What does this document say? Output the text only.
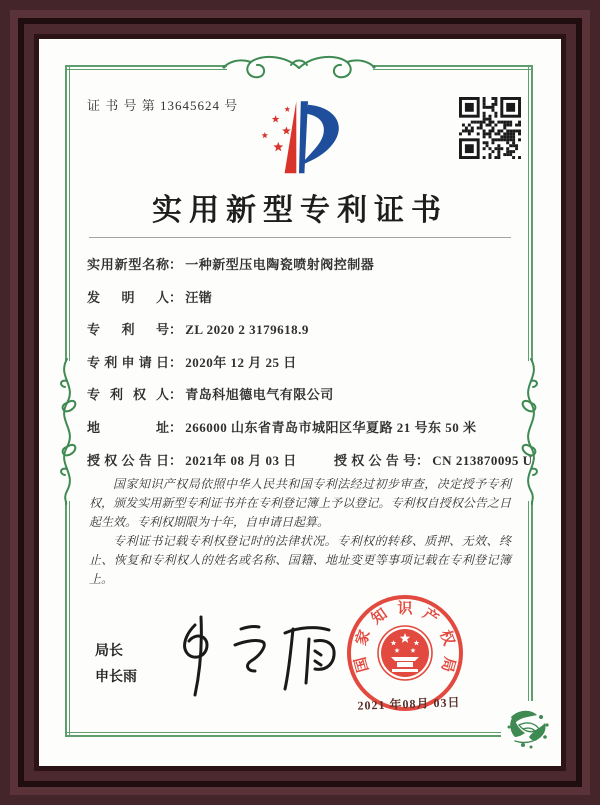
证 书 号 第 13645624 号
实用新型专利证书
实用新型名称： 一种新型压电陶瓷喷射阀控制器
发明人： 汪锴
专利号： ZL 2020 2 3179618.9
专利申请日： 2020年 12 月 25 日
专利权人： 青岛科旭德电气有限公司
地址： 266000 山东省青岛市城阳区华夏路 21 号东 50 米
授权公告日： 2021年 08 月 03 日	授权公告号： CN 213870095 U

国家知识产权局依照中华人民共和国专利法经过初步审查，决定授予专利权，颁发实用新型专利证书并在专利登记簿上予以登记。专利权自授权公告之日起生效。专利权期限为十年，自申请日起算。

专利证书记载专利权登记时的法律状况。专利权的转移、质押、无效、终止、恢复和专利权人的姓名或名称、国籍、地址变更等事项记载在专利登记簿上。

局长
申长雨
国
家
知 识 产
权
局
2021 年08月 03日
